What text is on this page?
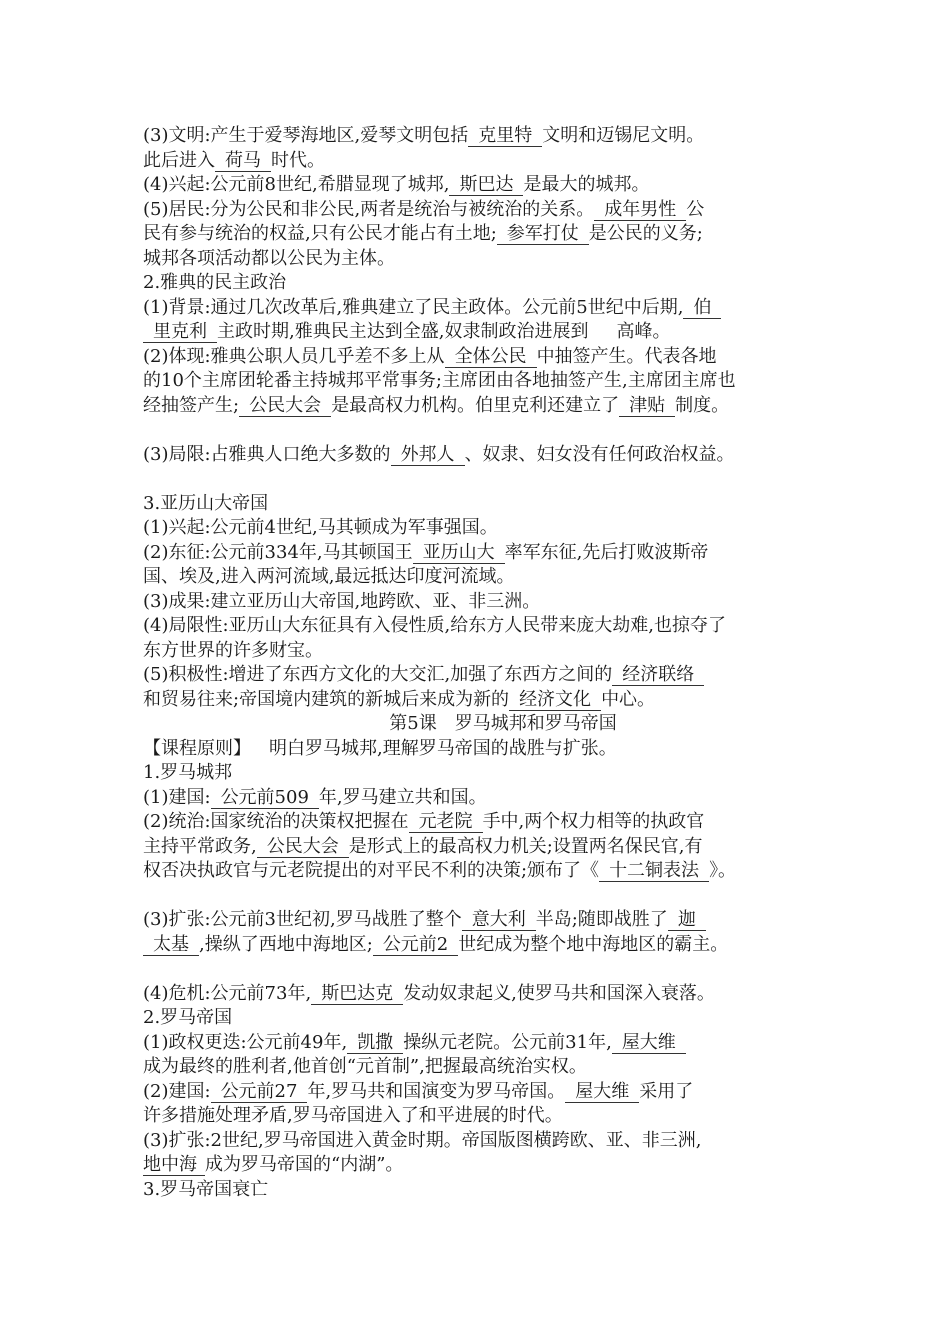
(3)文明:产生于爱琴海地区,爱琴文明包括 克里特 文明和迈锡尼文明。
此后进入 荷马 时代。
(4)兴起:公元前8世纪,希腊显现了城邦, 斯巴达 是最大的城邦。
(5)居民:分为公民和非公民,两者是统治与被统治的关系。 成年男性 公
民有参与统治的权益,只有公民才能占有土地; 参军打仗 是公民的义务;
城邦各项活动都以公民为主体。
2.雅典的民主政治
(1)背景:通过几次改革后,雅典建立了民主政体。公元前5世纪中后期, 伯
里克利 主政时期,雅典民主达到全盛,奴隶制政治进展到 高峰。
(2)体现:雅典公职人员几乎差不多上从 全体公民 中抽签产生。代表各地
的10个主席团轮番主持城邦平常事务;主席团由各地抽签产生,主席团主席也
经抽签产生; 公民大会 是最高权力机构。伯里克利还建立了 津贴 制度。
(3)局限:占雅典人口绝大多数的 外邦人 、奴隶、妇女没有任何政治权益。
3.亚历山大帝国
(1)兴起:公元前4世纪,马其顿成为军事强国。
(2)东征:公元前334年,马其顿国王 亚历山大 率军东征,先后打败波斯帝
国、埃及,进入两河流域,最远抵达印度河流域。
(3)成果:建立亚历山大帝国,地跨欧、亚、非三洲。
(4)局限性:亚历山大东征具有入侵性质,给东方人民带来庞大劫难,也掠夺了
东方世界的许多财宝。
(5)积极性:增进了东西方文化的大交汇,加强了东西方之间的 经济联络
和贸易往来;帝国境内建筑的新城后来成为新的 经济文化 中心。
第5课　罗马城邦和罗马帝国
【课程原则】 明白罗马城邦,理解罗马帝国的战胜与扩张。
1.罗马城邦
(1)建国: 公元前509 年,罗马建立共和国。
(2)统治:国家统治的决策权把握在 元老院 手中,两个权力相等的执政官
主持平常政务, 公民大会 是形式上的最高权力机关;设置两名保民官,有
权否决执政官与元老院提出的对平民不利的决策;颁布了《 十二铜表法 》。
(3)扩张:公元前3世纪初,罗马战胜了整个 意大利 半岛;随即战胜了 迦
太基 ,操纵了西地中海地区; 公元前2 世纪成为整个地中海地区的霸主。
(4)危机:公元前73年, 斯巴达克 发动奴隶起义,使罗马共和国深入衰落。
2.罗马帝国
(1)政权更迭:公元前49年, 凯撒 操纵元老院。公元前31年, 屋大维
成为最终的胜利者,他首创“元首制”,把握最高统治实权。
(2)建国: 公元前27 年,罗马共和国演变为罗马帝国。 屋大维 采用了
许多措施处理矛盾,罗马帝国进入了和平进展的时代。
(3)扩张:2世纪,罗马帝国进入黄金时期。帝国版图横跨欧、亚、非三洲,
地中海 成为罗马帝国的“内湖”。
3.罗马帝国衰亡
